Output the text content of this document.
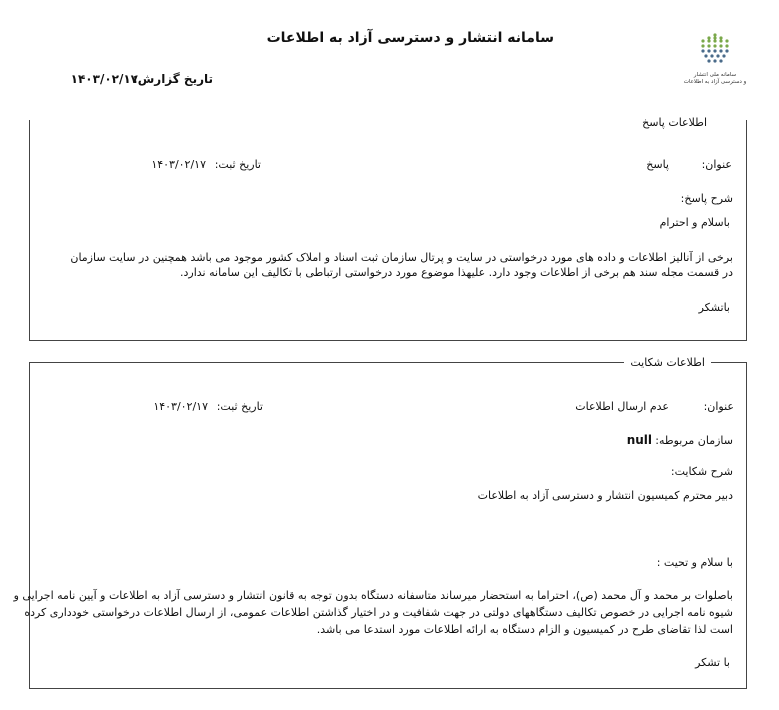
سامانه انتشار و دسترسی آزاد به اطلاعات
تاریخ گزارش:
۱۴۰۳/۰۲/۱۷	سامانه ملی انتشار
و دسترسی آزاد به اطلاعات
اطلاعات پاسخ
عنوان:
پاسخ
تاریخ ثبت:
۱۴۰۳/۰۲/۱۷
شرح پاسخ:
باسلام و احترام
برخی از آنالیز اطلاعات و داده های مورد درخواستی در سایت و پرتال سازمان ثبت اسناد و املاک کشور موجود می باشد همچنین در سایت سازمان
در قسمت مجله سند هم برخی از اطلاعات وجود دارد. علیهذا موضوع مورد درخواستی ارتباطی با تکالیف این سامانه ندارد.
باتشکر
اطلاعات شکایت
عنوان:
عدم ارسال اطلاعات
تاریخ ثبت:
۱۴۰۳/۰۲/۱۷
سازمان مربوطه:
null
شرح شکایت:
دبیر محترم کمیسیون انتشار و دسترسی آزاد به اطلاعات
با سلام و تحیت :
باصلوات بر محمد و آل محمد (ص)، احتراما به استحضار میرساند متاسفانه دستگاه بدون توجه به قانون انتشار و دسترسی آزاد به اطلاعات و آیین نامه اجرایی و
شیوه نامه اجرایی در خصوص تکالیف دستگاههای دولتی در جهت شفافیت و در اختیار گذاشتن اطلاعات عمومی، از ارسال اطلاعات درخواستی خودداری کرده
است لذا تقاضای طرح در کمیسیون و الزام دستگاه به ارائه اطلاعات مورد استدعا می باشد.
با تشکر
